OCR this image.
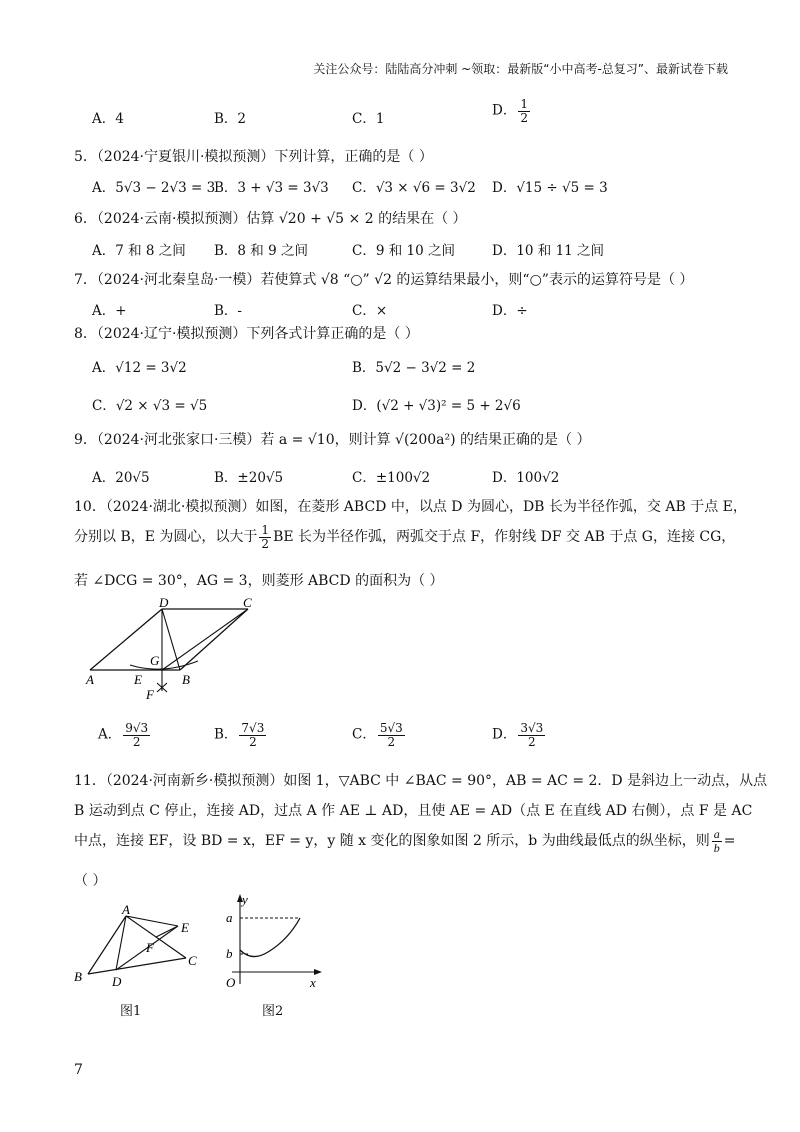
关注公众号：陆陆高分冲刺 ~领取：最新版“小中高考-总复习”、最新试卷下载
A．4	B．2	C．1
D． $\frac{1}{2}$
5．（2024·宁夏银川·模拟预测）下列计算，正确的是（ ）
A．5√3 − 2√3 = 3
B．3 + √3 = 3√3 C．√3 × √6 = 3√2 D．√15 ÷ √5 = 3
6．（2024·云南·模拟预测）估算 √20 + √5 × 2 的结果在（ ）
A．7 和 8 之间 B．8 和 9 之间	C．9 和 10 之间	D．10 和 11 之间
7．（2024·河北秦皇岛·一模）若使算式 √8 “○” √2 的运算结果最小，则“○”表示的运算符号是（ ）
A．+	B．-	C．×	D．÷
8．（2024·辽宁·模拟预测）下列各式计算正确的是（ ）
A．√12 = 3√2	B．5√2 − 3√2 = 2
C．√2 × √3 = √5	D．(√2 + √3)² = 5 + 2√6
9．（2024·河北张家口·三模）若 a = √10，则计算 √(200a²) 的结果正确的是（ ）
A．20√5	B．±20√5	C．±100√2	D．100√2
10．（2024·湖北·模拟预测）如图，在菱形 ABCD 中，以点 D 为圆心，DB 长为半径作弧，交 AB 于点 E，
分别以 B，E 为圆心，以大于 $\frac{1}{2}$ BE 长为半径作弧，两弧交于点 F，作射线 DF 交 AB 于点 G，连接 CG，
若 ∠DCG = 30°，AG = 3，则菱形 ABCD 的面积为（ ）
D	C
G
A	E	B
F
A． $\frac{9√3}{2}$	B． $\frac{7√3}{2}$	C． $\frac{5√3}{2}$	D． $\frac{3√3}{2}$
11．（2024·河南新乡·模拟预测）如图 1，▽ABC 中 ∠BAC = 90°，AB = AC = 2．D 是斜边上一动点，从点
B 运动到点 C 停止，连接 AD，过点 A 作 AE ⊥ AD，且使 AE = AD（点 E 在直线 AD 右侧），点 F 是 AC
中点，连接 EF，设 BD = x，EF = y，y 随 x 变化的图象如图 2 所示，b 为曲线最低点的纵坐标，则 $\frac{a}{b}$ =
（ ）
A
E
F
C
B D
图1
y
a
b
O	x
图2
7
